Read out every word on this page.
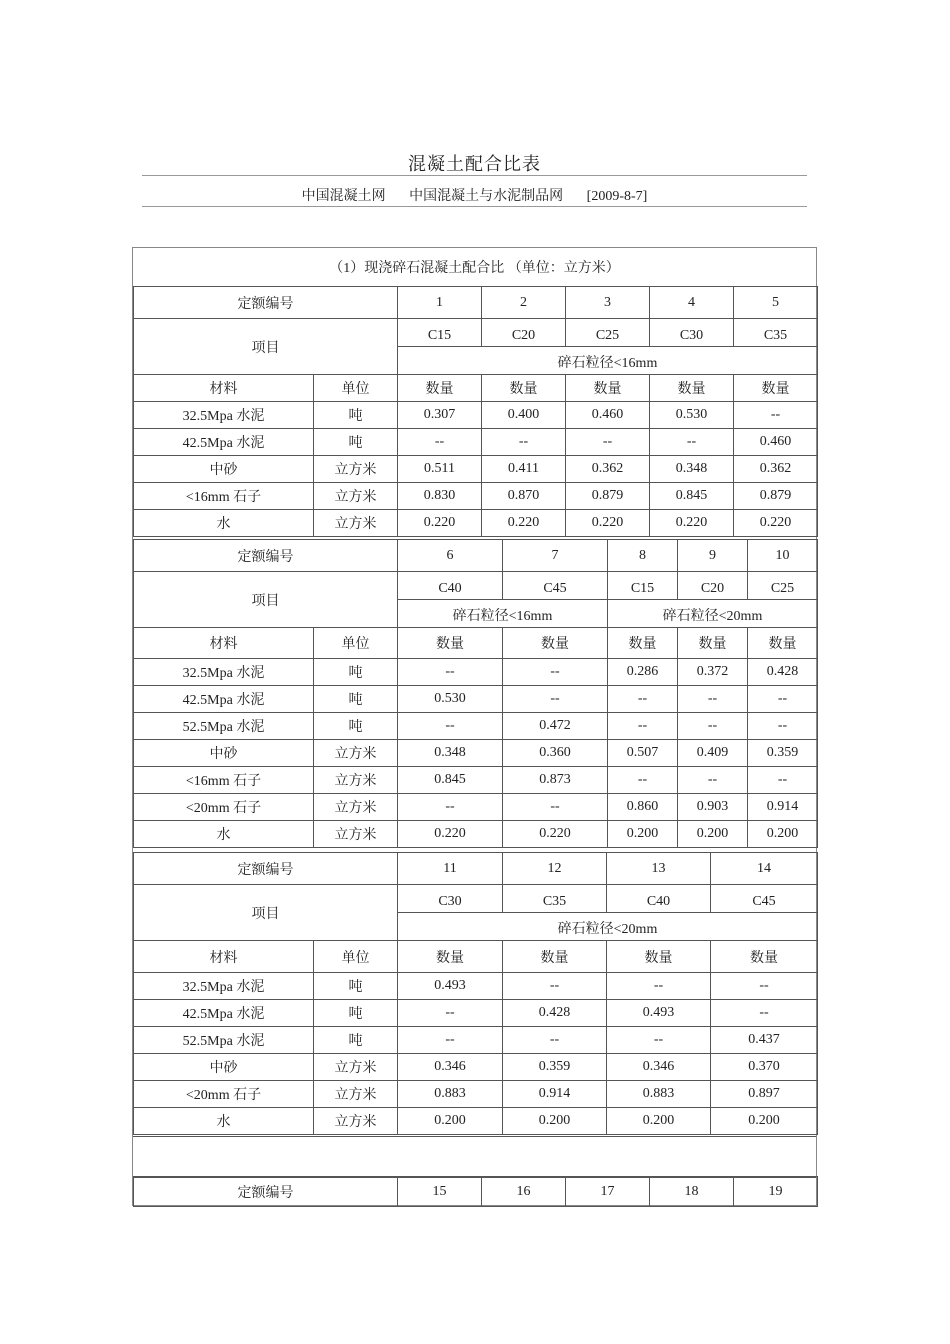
混凝土配合比表
中国混凝土网 中国混凝土与水泥制品网 [2009-8-7]
（1）现浇碎石混凝土配合比 （单位：立方米）
定额编号		1	2	3	4	5
项目		C15	C20	C25	C30	C35
		碎石粒径<16mm				
材料	单位	数量	数量	数量	数量	数量
32.5Mpa 水泥	吨	0.307	0.400	0.460	0.530	--
42.5Mpa 水泥	吨	--	--	--	--	0.460
中砂	立方米	0.511	0.411	0.362	0.348	0.362
<16mm 石子	立方米	0.830	0.870	0.879	0.845	0.879
水	立方米	0.220	0.220	0.220	0.220	0.220
定额编号		6	7	8	9	10
项目		C40	C45	C15	C20	C25
		碎石粒径<16mm		碎石粒径<20mm		
材料	单位	数量	数量	数量	数量	数量
32.5Mpa 水泥	吨	--	--	0.286	0.372	0.428
42.5Mpa 水泥	吨	0.530	--	--	--	--
52.5Mpa 水泥	吨	--	0.472	--	--	--
中砂	立方米	0.348	0.360	0.507	0.409	0.359
<16mm 石子	立方米	0.845	0.873	--	--	--
<20mm 石子	立方米	--	--	0.860	0.903	0.914
水	立方米	0.220	0.220	0.200	0.200	0.200
定额编号		11	12	13	14
项目		C30	C35	C40	C45
		碎石粒径<20mm			
材料	单位	数量	数量	数量	数量
32.5Mpa 水泥	吨	0.493	--	--	--
42.5Mpa 水泥	吨	--	0.428	0.493	--
52.5Mpa 水泥	吨	--	--	--	0.437
中砂	立方米	0.346	0.359	0.346	0.370
<20mm 石子	立方米	0.883	0.914	0.883	0.897
水	立方米	0.200	0.200	0.200	0.200
定额编号	15	16	17	18	19
